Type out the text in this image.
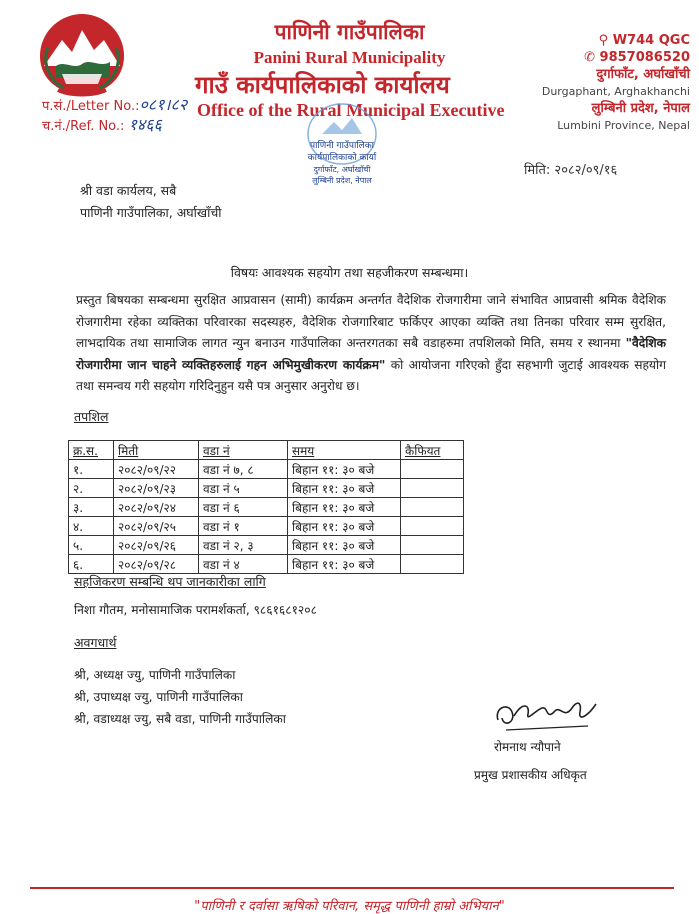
पाणिनी गाउँपालिका
Panini Rural Municipality
गाउँ कार्यपालिकाको कार्यालय
Office of the Rural Municipal Executive
प.सं./Letter No.:०८१।८२
च.नं./Ref. No.: १४६६
⚲ W744 QGC
✆ 9857086520
दुर्गाफाँट, अर्घाखाँची
Durgaphant, Arghakhanchi
लुम्बिनी प्रदेश, नेपाल
Lumbini Province, Nepal
पाणिनी गाउँपालिका
कार्यपालिकाको कार्या
दुर्गाफाँट, अर्घाखाँची
लुम्बिनी प्रदेश, नेपाल
मिति: २०८२/०९/१६
श्री वडा कार्यलय, सबै
पाणिनी गाउँपालिका, अर्घाखाँची
विषयः आवश्यक सहयोग तथा सहजीकरण सम्बन्धमा।
प्रस्तुत बिषयका सम्बन्धमा सुरक्षित आप्रवासन (सामी) कार्यक्रम अन्तर्गत वैदेशिक रोजगारीमा जाने संभावित आप्रवासी श्रमिक वैदेशिक रोजगारीमा रहेका व्यक्तिका परिवारका सदस्यहरु, वैदेशिक रोजगारिबाट फर्किएर आएका व्यक्ति तथा तिनका परिवार सम्म सुरक्षित, लाभदायिक तथा सामाजिक लागत न्युन बनाउन गाउँपालिका अन्तरगतका सबै वडाहरुमा तपशिलको मिति, समय र स्थानमा "वैदेशिक रोजगारीमा जान चाहने व्यक्तिहरुलाई गहन अभिमुखीकरण कार्यक्रम" को आयोजना गरिएको हुँदा सहभागी जुटाई आवश्यक सहयोग तथा समन्वय गरी सहयोग गरिदिनुहुन यसै पत्र अनुसार अनुरोध छ।
तपशिल
क्र.स.	मिती	वडा नं	समय	कैफियत
१.	२०८२/०९/२२	वडा नं ७, ८	बिहान ११: ३० बजे	
२.	२०८२/०९/२३	वडा नं ५	बिहान ११: ३० बजे	
३.	२०८२/०९/२४	वडा नं ६	बिहान ११: ३० बजे	
४.	२०८२/०९/२५	वडा नं १	बिहान ११: ३० बजे	
५.	२०८२/०९/२६	वडा नं २, ३	बिहान ११: ३० बजे	
६.	२०८२/०९/२८	वडा नं ४	बिहान ११: ३० बजे	
सहजिकरण सम्बन्धि थप जानकारीका लागि
निशा गौतम, मनोसामाजिक परामर्शकर्ता, ९८६१६८१२०८
अवगधार्थ
श्री, अध्यक्ष ज्यु, पाणिनी गाउँपालिका
श्री, उपाध्यक्ष ज्यु, पाणिनी गाउँपालिका
श्री, वडाध्यक्ष ज्यु, सबै वडा, पाणिनी गाउँपालिका
रोमनाथ न्यौपाने
प्रमुख प्रशासकीय अधिकृत
"पाणिनी र दर्वासा ऋषिको परिवान, समृद्ध पाणिनी हाम्रो अभियान"
